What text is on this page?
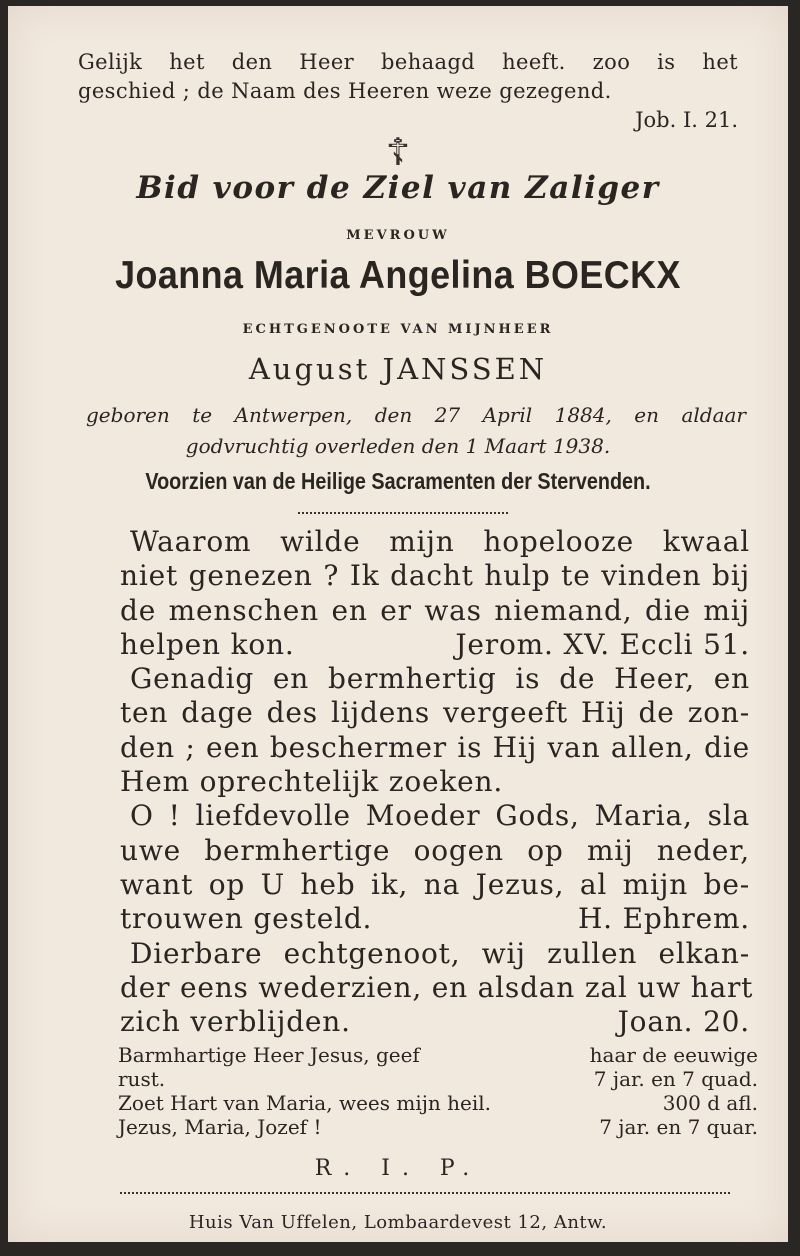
Gelijk het den Heer behaagd heeft. zoo is het
geschied ; de Naam des Heeren weze gezegend.
Job. I. 21.
☦
Bid voor de Ziel van Zaliger
MEVROUW
Joanna Maria Angelina BOECKX
ECHTGENOOTE VAN MIJNHEER
August JANSSEN
geboren te Antwerpen, den 27 April 1884, en aldaar
godvruchtig overleden den 1 Maart 1938.
Voorzien van de Heilige Sacramenten der Stervenden.
Waarom wilde mijn hopelooze kwaal
niet genezen ? Ik dacht hulp te vinden bij
de menschen en er was niemand, die mij
helpen kon.	Jerom. XV. Eccli 51.
Genadig en bermhertig is de Heer, en
ten dage des lijdens vergeeft Hij de zon-
den ; een beschermer is Hij van allen, die
Hem oprechtelijk zoeken.
O ! liefdevolle Moeder Gods, Maria, sla
uwe bermhertige oogen op mij neder,
want op U heb ik, na Jezus, al mijn be-
trouwen gesteld.	H. Ephrem.
Dierbare echtgenoot, wij zullen elkan-
der eens wederzien, en alsdan zal uw hart
zich verblijden.	Joan. 20.
Barmhartige Heer Jesus, geef	haar de eeuwige
rust.	7 jar. en 7 quad.
Zoet Hart van Maria, wees mijn heil.	300 d afl.
Jezus, Maria, Jozef !	7 jar. en 7 quar.
R. I. P.
Huis Van Uffelen, Lombaardevest 12, Antw.
